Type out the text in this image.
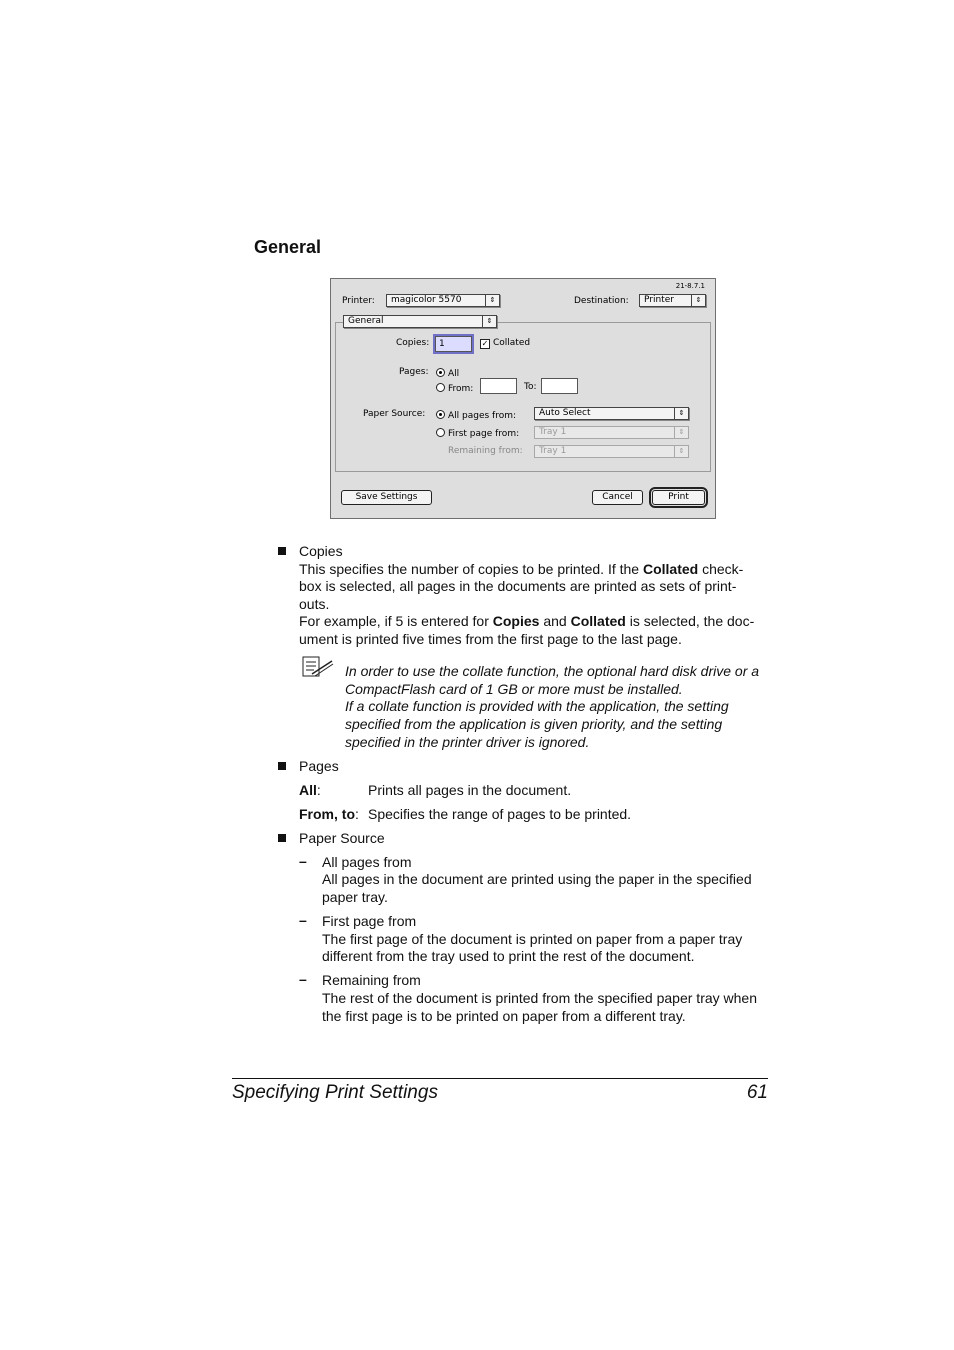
General
21-8.7.1
Printer:	magicolor 5570	⇕	Destination:	Printer	⇕
General	⇕
Copies:	1	✓ Collated
Pages:	All
From:	To:
Paper Source:	All pages from:	Auto Select	⇕
First page from:	Tray 1	⇕
Remaining from:	Tray 1	⇕
Save Settings	Cancel	Print
Copies
This specifies the number of copies to be printed. If the Collated check-
box is selected, all pages in the documents are printed as sets of print-
outs.
For example, if 5 is entered for Copies and Collated is selected, the doc-
ument is printed five times from the first page to the last page.
In order to use the collate function, the optional hard disk drive or a
CompactFlash card of 1 GB or more must be installed.
If a collate function is provided with the application, the setting
specified from the application is given priority, and the setting
specified in the printer driver is ignored.
Pages
All:	Prints all pages in the document.
From, to: Specifies the range of pages to be printed.
Paper Source
– All pages from
All pages in the document are printed using the paper in the specified
paper tray.
– First page from
The first page of the document is printed on paper from a paper tray
different from the tray used to print the rest of the document.
– Remaining from
The rest of the document is printed from the specified paper tray when
the first page is to be printed on paper from a different tray.
Specifying Print Settings	61
